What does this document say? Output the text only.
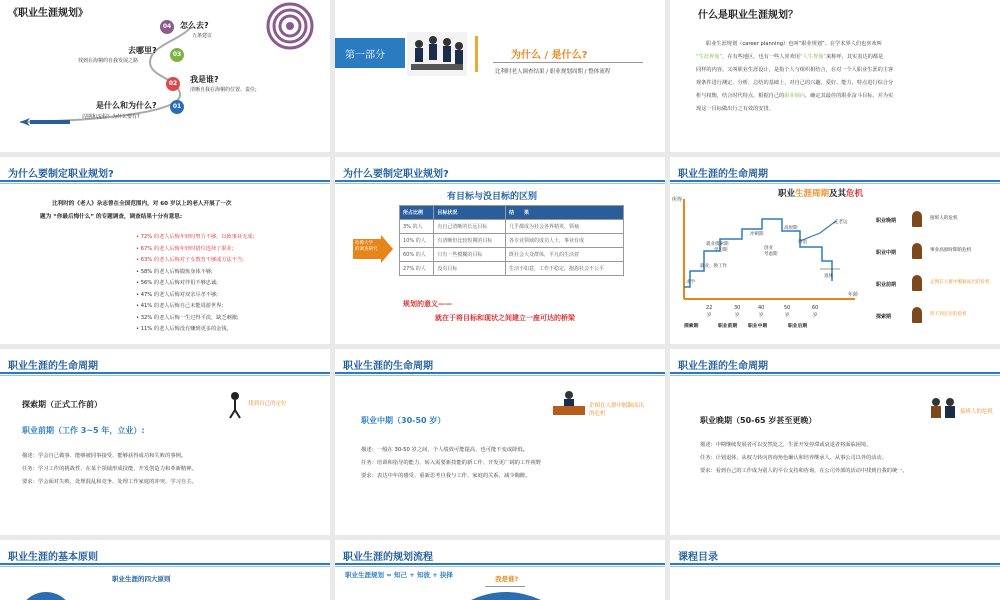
《职业生涯规划》
04	怎么去?
五条建议
03
去哪里?
找到在海桐的自我发展之路
02	我是谁?
清晰自我在海桐的位置、责任;
01
是什么和为什么?
周期和流程？为什么要有?
第一部分	为什么 / 是什么?
比利时老人调查结果 / 职业规划周期 / 整体流程
什么是职业生涯规划？
职业生涯规划（career planning）也叫“职业规划”。在学术界人们也喜欢叫
“生涯规划”，在有些地区，也有一些人喜欢用“人生规划”来称呼，其实表达的都是
同样的内容。又叫职业生涯设计，是指个人与组织相结合，在对一个人职业生涯的主客
观条件进行测定、分析、总结的基础上，对自己的兴趣、爱好、能力、特点进行综合分
析与权衡，结合时代特点，根据自己的职业倾向，确定其最佳的职业奋斗目标，并为实
现这一目标做出行之有效的安排。
为什么要制定职业规划?
比利时的《老人》杂志曾在全国范围内，对 60 岁以上的老人开展了一次
题为 “你最后悔什么” 的专题调查，调查结果十分有意思:
• 72% 的老人后悔年轻时努力不够，以致事业无成;
• 67% 的老人后悔年轻时错位选择了职业;
• 63% 的老人后悔对子女教育不够或方法不当;
• 58% 的老人后悔锻炼身体不够;
• 56% 的老人后悔对伴侣不够忠诚;
• 47% 的老人后悔对双亲尽孝不够;
• 41% 的老人后悔自己未能周游世界;
• 32% 的老人后悔一生过得平淡，缺乏刺激;
• 11% 的老人后悔没有赚到更多的金钱。
为什么要制定职业规划?
有目标与没目标的区别
哈佛大学
的调查研究
所占比例	目标状况	结　　果
3% 的人	有自己清晰的长远目标	几乎都成为社会各界精英、领袖
10% 的人	有清晰但比较短期的目标	各专业领域的成功人士，事业有成
60% 的人	只有一些模糊的目标	既社会大众群体，平凡的生活着
27% 的人	没有目标	生活不如意，工作不稳定，抱怨社会不公平
规划的意义——
就在于将目标和现状之间建立一座可达的桥梁
职业生涯的生命周期
职业生涯周期及其危机
所得
年龄
22
岁
30
岁
40
岁
50
岁
60
岁
求学
就业、换工作
就业摸索期
学习期
冲刺期
创业
考虑期
高原期
待退
走老运
退休
探索期	职业前期 职业中期	职业后期
职业晚期	接班人的危机
职业中期	事业高原时期的危机
职业前期	企图在人群中脱颖而出的危机
探索期	找不到定位的危机
职业生涯的生命周期
探索期（正式工作前）	找到自己的定位
职业前期（工作 3~5 年，立业）:
描述：学会自己做事、能够被同事接受、能够获得成功和失败的事例。
任务：学习工作的挑战性、在某个领域形成技能、开发创造力和革新精神。
要求：学会面对失败、处理混乱和竞争、处理工作家庭的冲突、学习自主。
职业生涯的生命周期
企图在人群中脱颖而出的危机
职业中期（30-50 岁）
描述：一般在 30-50 岁之间，个人绩效可能提高、也可能不变或降低。
任务：培训和指导的能力、转入需要新技能的新工作、开发更广阔的工作视野
要求：表达中年的感受、重新思考自我与工作、家庭的关系，减少陶醉。
职业生涯的生命周期
接班人的危机
职业晚期（50-65 岁甚至更晚）
描述：中期继续发展者可以安然处之，生涯开发停滞或衰退者将面临困境。
任务：计划退休、从权力转向咨询角色确认和培养继承人、从事公司以外的活动。
要求：看到自己的工作成为别人的平台支持和咨询、在公司外部的活动中找到自我的统一。
职业生涯的基本原则
职业生涯的四大原则
职业生涯的规划流程
职业生涯规划 = 知己 + 知彼 + 抉择	我是谁?
课程目录
